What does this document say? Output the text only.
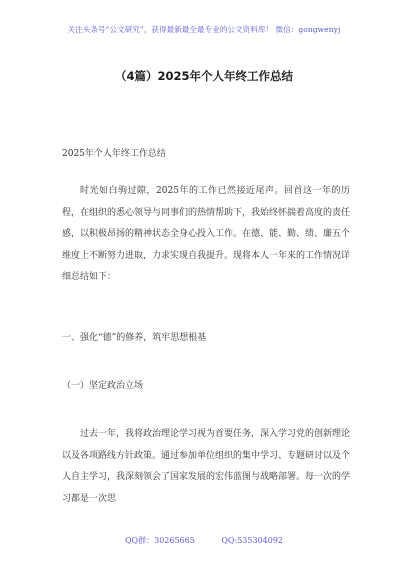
关注头条号“公文研究”，获得最新最全最专业的公文资料库！ 微信：gongwenyj
（4篇）2025年个人年终工作总结
2025年个人年终工作总结

时光如白驹过隙，2025年的工作已然接近尾声。回首这一年的历程，在组织的悉心领导与同事们的热情帮助下，我始终怀揣着高度的责任感，以积极昂扬的精神状态全身心投入工作。在德、能、勤、绩、廉五个维度上不断努力进取，力求实现自我提升。现将本人一年来的工作情况详细总结如下：

一、强化“德”的修养，筑牢思想根基
（一）坚定政治立场

过去一年，我将政治理论学习视为首要任务，深入学习党的创新理论以及各项路线方针政策。通过参加单位组织的集中学习、专题研讨以及个人自主学习，我深刻领会了国家发展的宏伟蓝图与战略部署。每一次的学习都是一次思

QQ群：30265665	QQ:535304092
